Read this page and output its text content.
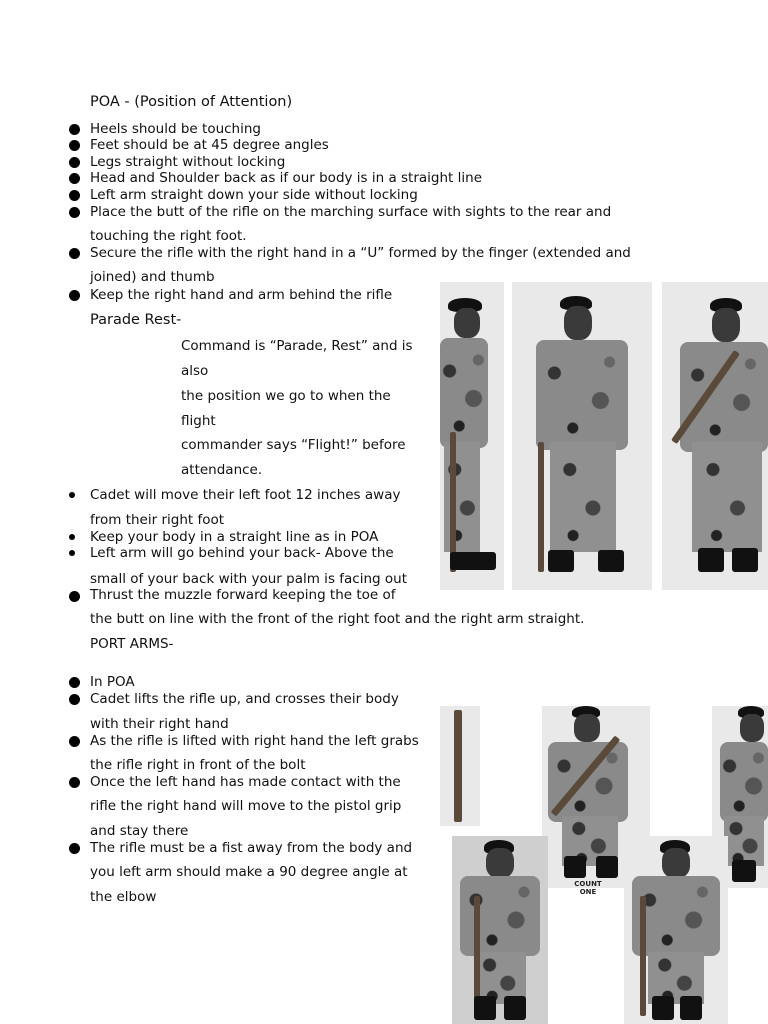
POA - (Position of Attention)
Heels should be touching
Feet should be at 45 degree angles
Legs straight without locking
Head and Shoulder back as if our body is in a straight line
Left arm straight down your side without locking
Place the butt of the rifle on the marching surface with sights to the rear and
touching the right foot.
Secure the rifle with the right hand in a “U” formed by the finger (extended and
joined) and thumb
Keep the right hand and arm behind the rifle
Parade Rest-
Command is “Parade, Rest” and is
also
the position we go to when the
flight
commander says “Flight!” before
attendance.
Cadet will move their left foot 12 inches away
from their right foot
Keep your body in a straight line as in POA
Left arm will go behind your back- Above the
small of your back with your palm is facing out
Thrust the muzzle forward keeping the toe of
the butt on line with the front of the right foot and the right arm straight.
PORT ARMS-
In POA
Cadet lifts the rifle up, and crosses their body
with their right hand
As the rifle is lifted with right hand the left grabs
the rifle right in front of the bolt
Once the left hand has made contact with the
rifle the right hand will move to the pistol grip
and stay there
The rifle must be a fist away from the body and
you left arm should make a 90 degree angle at
the elbow
COUNT
ONE
